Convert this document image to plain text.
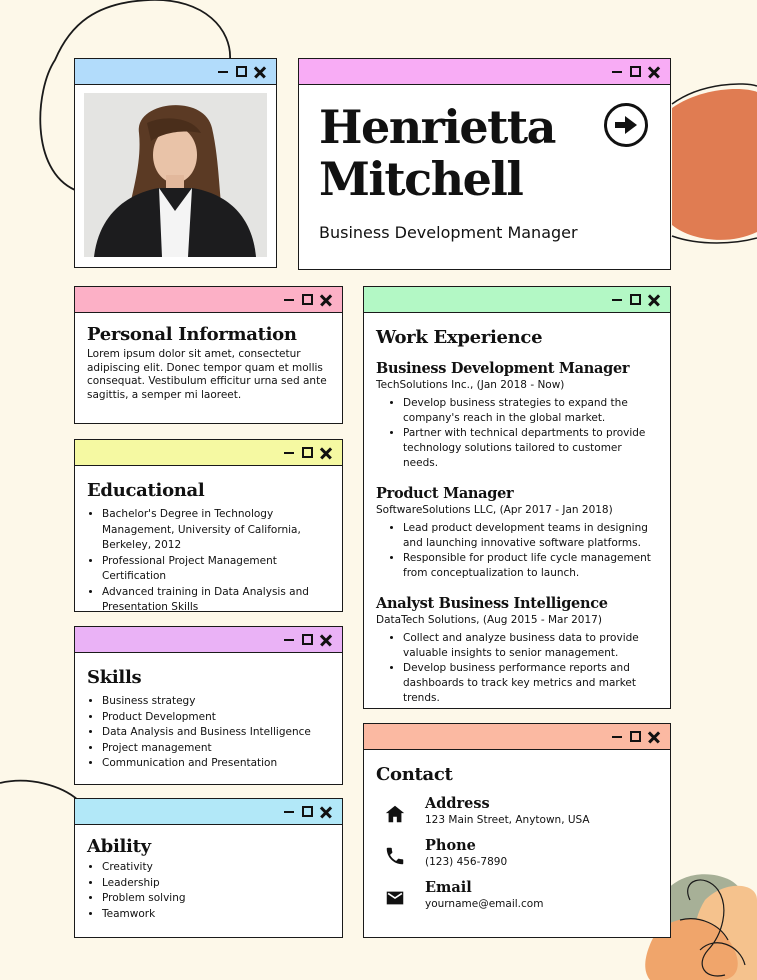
Henrietta
Mitchell

Business Development Manager

Personal Information

Lorem ipsum dolor sit amet, consectetur adipiscing elit. Donec tempor quam et mollis consequat. Vestibulum efficitur urna sed ante sagittis, a semper mi laoreet.

Educational
• Bachelor's Degree in Technology Management, University of California, Berkeley, 2012
• Professional Project Management Certification
• Advanced training in Data Analysis and Presentation Skills
Skills
• Business strategy
• Product Development
• Data Analysis and Business Intelligence
• Project management
• Communication and Presentation
Ability
• Creativity
• Leadership
• Problem solving
• Teamwork
Work Experience

Business Development Manager

TechSolutions Inc., (Jan 2018 - Now)

• Develop business strategies to expand the company's reach in the global market.
• Partner with technical departments to provide technology solutions tailored to customer needs.

Product Manager

SoftwareSolutions LLC, (Apr 2017 - Jan 2018)

• Lead product development teams in designing and launching innovative software platforms.
• Responsible for product life cycle management from conceptualization to launch.

Analyst Business Intelligence

DataTech Solutions, (Aug 2015 - Mar 2017)

• Collect and analyze business data to provide valuable insights to senior management.
• Develop business performance reports and dashboards to track key metrics and market trends.
Contact

Address

123 Main Street, Anytown, USA

Phone

(123) 456-7890

Email

yourname@email.com
